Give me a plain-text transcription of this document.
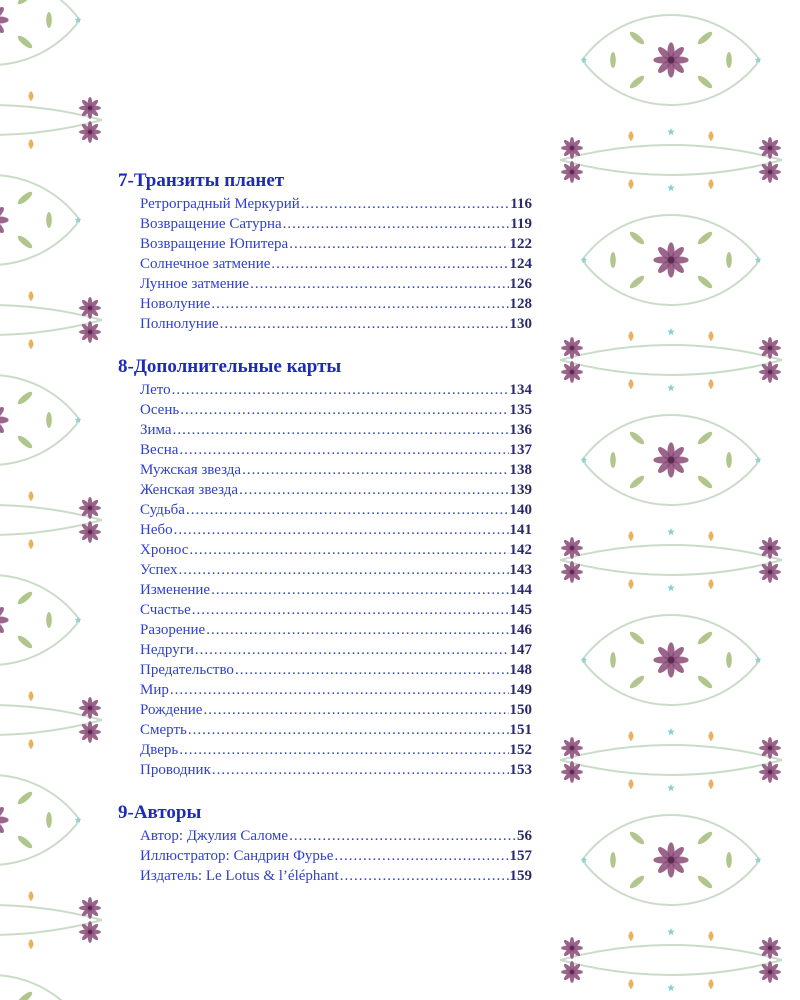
7-Транзиты планет
Ретроградный Меркурий .....	116
Возвращение Сатурна .....	119
Возвращение Юпитера .....	122
Солнечное затмение .....	124
Лунное затмение .....	126
Новолуние .....	128
Полнолуние .....	130
8-Дополнительные карты
Лето .....	134
Осень .....	135
Зима .....	136
Весна .....	137
Мужская звезда .....	138
Женская звезда .....	139
Судьба .....	140
Небо .....	141
Хронос .....	142
Успех .....	143
Изменение .....	144
Счастье .....	145
Разорение .....	146
Недруги .....	147
Предательство .....	148
Мир .....	149
Рождение .....	150
Смерть .....	151
Дверь .....	152
Проводник .....	153
9-Авторы
Автор: Джулия Саломе .....	56
Иллюстратор: Сандрин Фурье .....	157
Издатель: Le Lotus & l’éléphant .....	159
